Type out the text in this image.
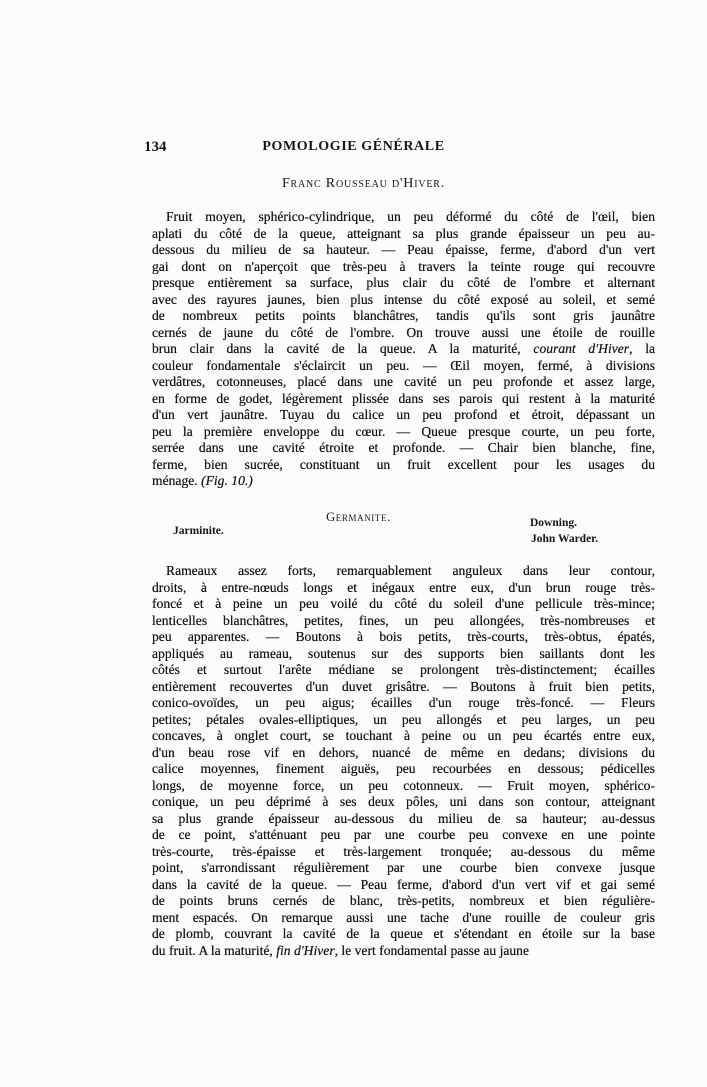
134	POMOLOGIE GÉNÉRALE
Franc Rousseau d'Hiver.
Fruit moyen, sphérico-cylindrique, un peu déformé du côté de l'œil, bien
aplati du côté de la queue, atteignant sa plus grande épaisseur un peu au-
dessous du milieu de sa hauteur. — Peau épaisse, ferme, d'abord d'un vert
gai dont on n'aperçoit que très-peu à travers la teinte rouge qui recouvre
presque entièrement sa surface, plus clair du côté de l'ombre et alternant
avec des rayures jaunes, bien plus intense du côté exposé au soleil, et semé
de nombreux petits points blanchâtres, tandis qu'ils sont gris jaunâtre
cernés de jaune du côté de l'ombre. On trouve aussi une étoile de rouille
brun clair dans la cavité de la queue. A la maturité, courant d'Hiver, la
couleur fondamentale s'éclaircit un peu. — Œil moyen, fermé, à divisions
verdâtres, cotonneuses, placé dans une cavité un peu profonde et assez large,
en forme de godet, légèrement plissée dans ses parois qui restent à la maturité
d'un vert jaunâtre. Tuyau du calice un peu profond et étroit, dépassant un
peu la première enveloppe du cœur. — Queue presque courte, un peu forte,
serrée dans une cavité étroite et profonde. — Chair bien blanche, fine,
ferme, bien sucrée, constituant un fruit excellent pour les usages du
ménage. (Fig. 10.)
Germanite.
Jarminite.
Downing.
John Warder.
Rameaux assez forts, remarquablement anguleux dans leur contour,
droits, à entre-nœuds longs et inégaux entre eux, d'un brun rouge très-
foncé et à peine un peu voilé du côté du soleil d'une pellicule très-mince;
lenticelles blanchâtres, petites, fines, un peu allongées, très-nombreuses et
peu apparentes. — Boutons à bois petits, très-courts, très-obtus, épatés,
appliqués au rameau, soutenus sur des supports bien saillants dont les
côtés et surtout l'arête médiane se prolongent très-distinctement; écailles
entièrement recouvertes d'un duvet grisâtre. — Boutons à fruit bien petits,
conico-ovoïdes, un peu aigus; écailles d'un rouge très-foncé. — Fleurs
petites; pétales ovales-elliptiques, un peu allongés et peu larges, un peu
concaves, à onglet court, se touchant à peine ou un peu écartés entre eux,
d'un beau rose vif en dehors, nuancé de même en dedans; divisions du
calice moyennes, finement aiguës, peu recourbées en dessous; pédicelles
longs, de moyenne force, un peu cotonneux. — Fruit moyen, sphérico-
conique, un peu déprimé à ses deux pôles, uni dans son contour, atteignant
sa plus grande épaisseur au-dessous du milieu de sa hauteur; au-dessus
de ce point, s'atténuant peu par une courbe peu convexe en une pointe
très-courte, très-épaisse et très-largement tronquée; au-dessous du même
point, s'arrondissant régulièrement par une courbe bien convexe jusque
dans la cavité de la queue. — Peau ferme, d'abord d'un vert vif et gai semé
de points bruns cernés de blanc, très-petits, nombreux et bien régulière-
ment espacés. On remarque aussi une tache d'une rouille de couleur gris
de plomb, couvrant la cavité de la queue et s'étendant en étoile sur la base
du fruit. A la maturité, fin d'Hiver, le vert fondamental passe au jaune
